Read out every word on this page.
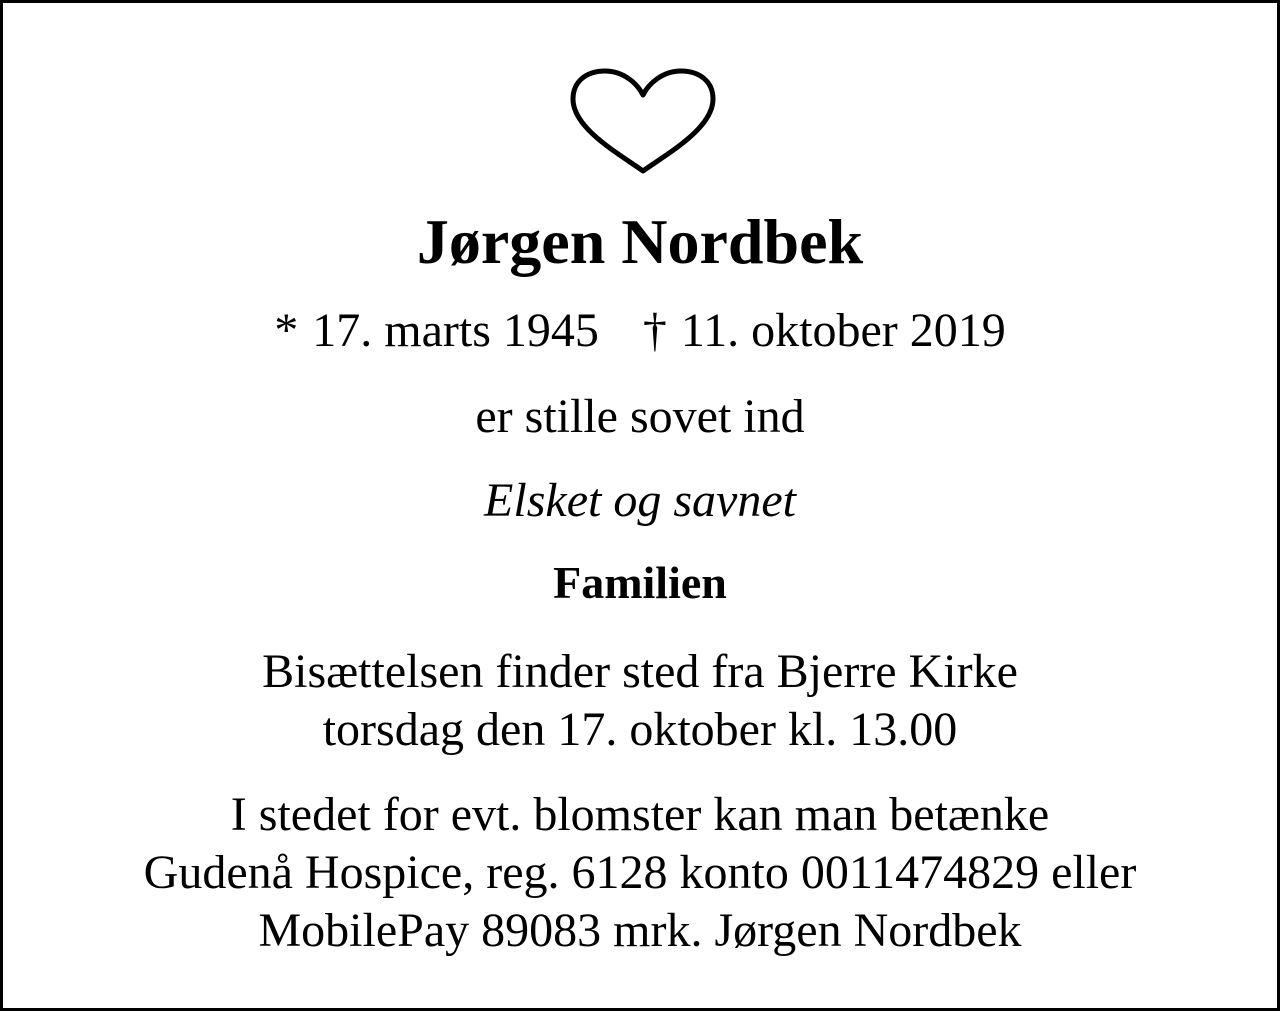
Jørgen Nordbek

* 17. marts 1945 † 11. oktober 2019

er stille sovet ind

Elsket og savnet

Familien

Bisættelsen finder sted fra Bjerre Kirke
torsdag den 17. oktober kl. 13.00
I stedet for evt. blomster kan man betænke
Gudenå Hospice, reg. 6128 konto 0011474829 eller
MobilePay 89083 mrk. Jørgen Nordbek
